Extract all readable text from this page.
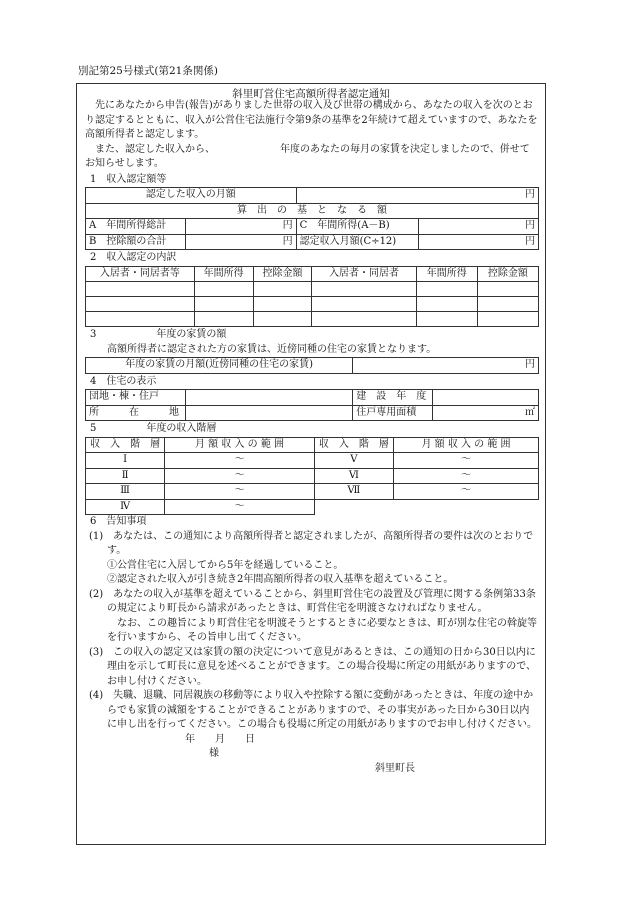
別記第25号様式(第21条関係)
斜里町営住宅高額所得者認定通知

先にあなたから申告(報告)がありました世帯の収入及び世帯の構成から、あなたの収入を次のとおり認定するとともに、収入が公営住宅法施行令第9条の基準を2年続けて超えていますので、あなたを高額所得者と認定します。

また、認定した収入から、　　　　　　　年度のあなたの毎月の家賃を決定しましたので、併せてお知らせします。

1　収入認定額等

認定した収入の月額		円	
算　出　の　基　と　な　る　額			
A　年間所得総計	円	C　年間所得(A－B)	円
B　控除額の合計	円	認定収入月額(C÷12)	円

2　収入認定の内訳

入居者・同居者等	年間所得	控除金額	入居者・同居者	年間所得	控除金額

3　　　　　　年度の家賃の額

高額所得者に認定された方の家賃は、近傍同種の住宅の家賃となります。

年度の家賃の月額(近傍同種の住宅の家賃)	円

4　住宅の表示

団地・棟・住戸		建　設　年　度	
所　　　在　　　地		住戸専用面積	㎡

5　　　　　年度の収入階層

収　入　階　層	月 額 収 入 の 範 囲	収　入　階　層	月 額 収 入 の 範 囲
Ⅰ	～	Ⅴ	～
Ⅱ	～	Ⅵ	～
Ⅲ	～	Ⅶ	～
Ⅳ	～		

6　告知事項

(1)　あなたは、この通知により高額所得者と認定されましたが、高額所得者の要件は次のとおりです。

①公営住宅に入居してから5年を経過していること。

②認定された収入が引き続き2年間高額所得者の収入基準を超えていること。

(2)　あなたの収入が基準を超えていることから、斜里町営住宅の設置及び管理に関する条例第33条の規定により町長から請求があったときは、町営住宅を明渡さなければなりません。

なお、この趣旨により町営住宅を明渡そうとするときに必要なときは、町が別な住宅の斡旋等を行いますから、その旨申し出てください。

(3)　この収入の認定又は家賃の額の決定について意見があるときは、この通知の日から30日以内に理由を示して町長に意見を述べることができます。この場合役場に所定の用紙がありますので、お申し付けください。

(4)　失職、退職、同居親族の移動等により収入や控除する額に変動があったときは、年度の途中からでも家賃の減額をすることができることがありますので、その事実があった日から30日以内に申し出を行ってください。この場合も役場に所定の用紙がありますのでお申し付けください。

年　　月　　日

様

斜里町長
